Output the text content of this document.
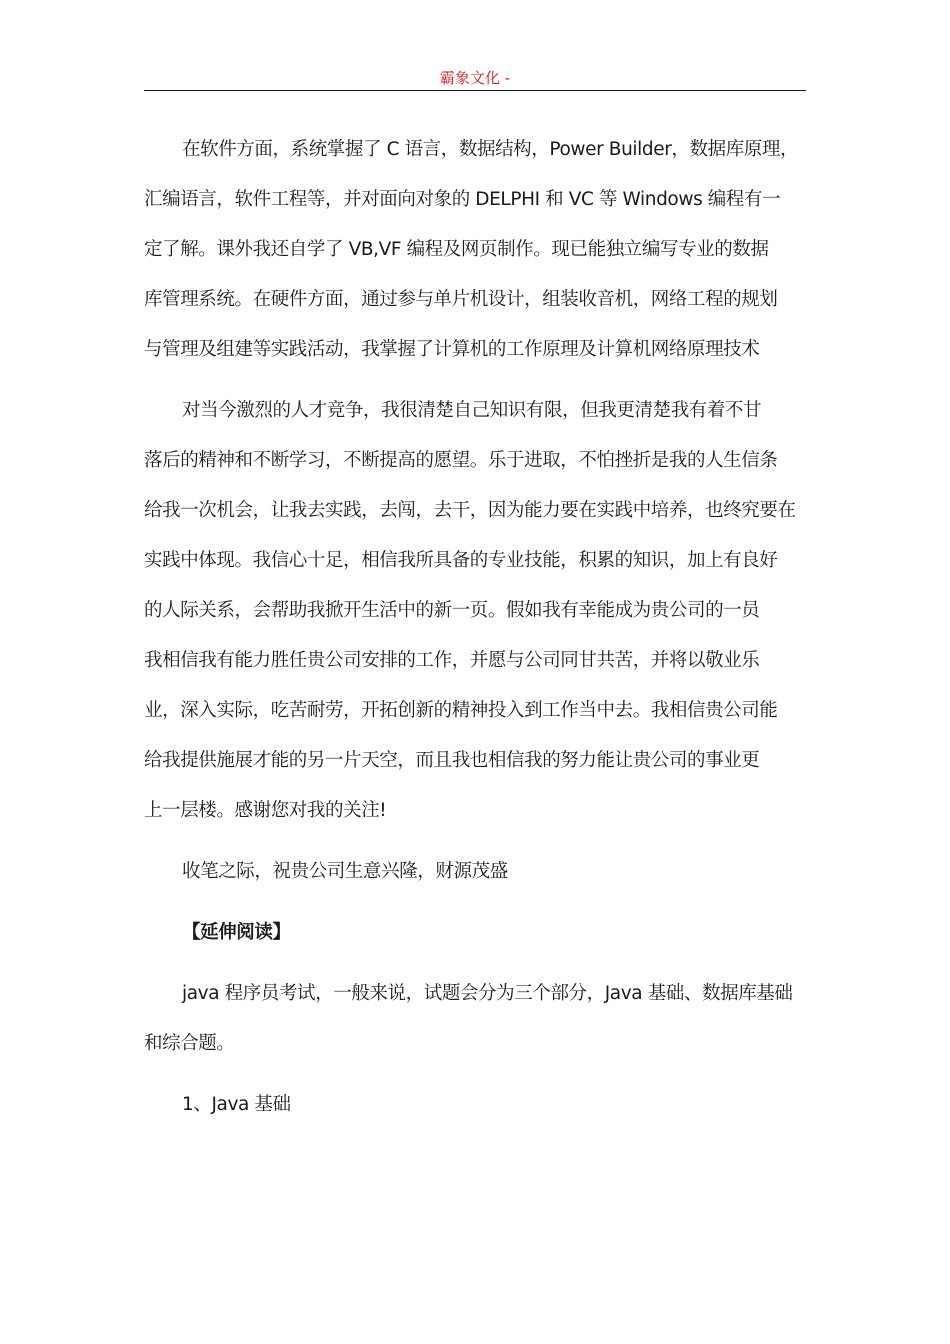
霸象文化 -

在软件方面，系统掌握了 C 语言，数据结构，Power Builder，数据库原理，
汇编语言，软件工程等，并对面向对象的 DELPHI 和 VC 等 Windows 编程有一
定了解。课外我还自学了 VB,VF 编程及网页制作。现已能独立编写专业的数据
库管理系统。在硬件方面，通过参与单片机设计，组装收音机，网络工程的规划
与管理及组建等实践活动，我掌握了计算机的工作原理及计算机网络原理技术

对当今激烈的人才竞争，我很清楚自己知识有限，但我更清楚我有着不甘
落后的精神和不断学习，不断提高的愿望。乐于进取，不怕挫折是我的人生信条
给我一次机会，让我去实践，去闯，去干，因为能力要在实践中培养，也终究要在
实践中体现。我信心十足，相信我所具备的专业技能，积累的知识，加上有良好
的人际关系，会帮助我掀开生活中的新一页。假如我有幸能成为贵公司的一员
我相信我有能力胜任贵公司安排的工作，并愿与公司同甘共苦，并将以敬业乐
业，深入实际，吃苦耐劳，开拓创新的精神投入到工作当中去。我相信贵公司能
给我提供施展才能的另一片天空，而且我也相信我的努力能让贵公司的事业更
上一层楼。感谢您对我的关注!

收笔之际，祝贵公司生意兴隆，财源茂盛

【延伸阅读】

java 程序员考试，一般来说，试题会分为三个部分，Java 基础、数据库基础
和综合题。

1、Java 基础
